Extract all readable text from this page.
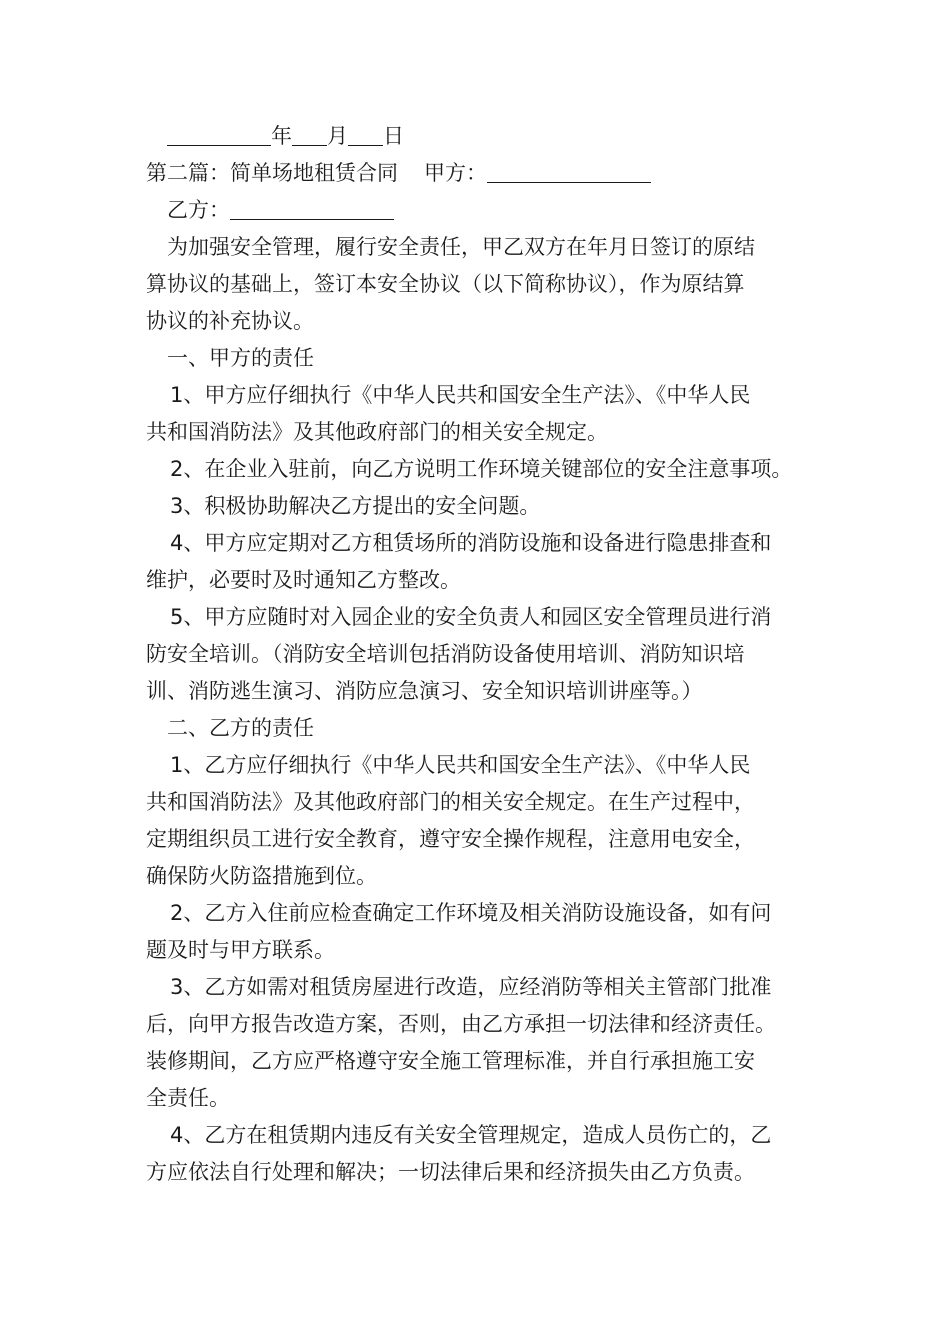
年 月 日
第二篇：简单场地租赁合同 甲方：
乙方：
为加强安全管理，履行安全责任，甲乙双方在年月日签订的原结
算协议的基础上，签订本安全协议（以下简称协议），作为原结算
协议的补充协议。
一、甲方的责任
1、甲方应仔细执行《中华人民共和国安全生产法》、《中华人民
共和国消防法》及其他政府部门的相关安全规定。
2、在企业入驻前，向乙方说明工作环境关键部位的安全注意事项。
3、积极协助解决乙方提出的安全问题。
4、甲方应定期对乙方租赁场所的消防设施和设备进行隐患排查和
维护，必要时及时通知乙方整改。
5、甲方应随时对入园企业的安全负责人和园区安全管理员进行消
防安全培训。（消防安全培训包括消防设备使用培训、消防知识培
训、消防逃生演习、消防应急演习、安全知识培训讲座等。）
二、乙方的责任
1、乙方应仔细执行《中华人民共和国安全生产法》、《中华人民
共和国消防法》及其他政府部门的相关安全规定。在生产过程中，
定期组织员工进行安全教育，遵守安全操作规程，注意用电安全，
确保防火防盗措施到位。
2、乙方入住前应检查确定工作环境及相关消防设施设备，如有问
题及时与甲方联系。
3、乙方如需对租赁房屋进行改造，应经消防等相关主管部门批准
后，向甲方报告改造方案，否则，由乙方承担一切法律和经济责任。
装修期间，乙方应严格遵守安全施工管理标准，并自行承担施工安
全责任。
4、乙方在租赁期内违反有关安全管理规定，造成人员伤亡的，乙
方应依法自行处理和解决；一切法律后果和经济损失由乙方负责。
